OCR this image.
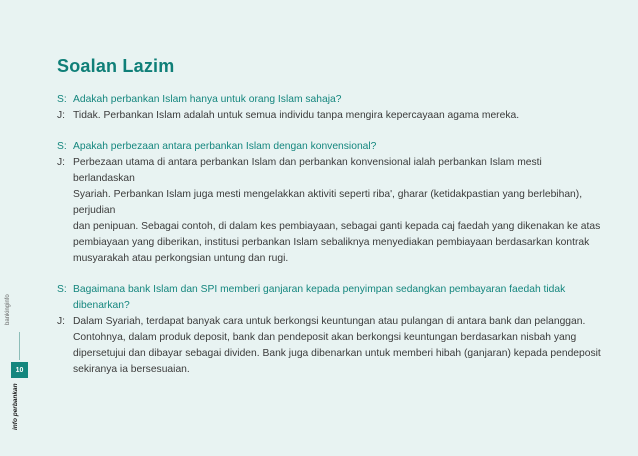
Soalan Lazim
S: Adakah perbankan Islam hanya untuk orang Islam sahaja?
J: Tidak. Perbankan Islam adalah untuk semua individu tanpa mengira kepercayaan agama mereka.
S: Apakah perbezaan antara perbankan Islam dengan konvensional?
J: Perbezaan utama di antara perbankan Islam dan perbankan konvensional ialah perbankan Islam mesti berlandaskan
Syariah. Perbankan Islam juga mesti mengelakkan aktiviti seperti riba', gharar (ketidakpastian yang berlebihan), perjudian
dan penipuan. Sebagai contoh, di dalam kes pembiayaan, sebagai ganti kepada caj faedah yang dikenakan ke atas
pembiayaan yang diberikan, institusi perbankan Islam sebaliknya menyediakan pembiayaan berdasarkan kontrak
musyarakah atau perkongsian untung dan rugi.
S: Bagaimana bank Islam dan SPI memberi ganjaran kepada penyimpan sedangkan pembayaran faedah tidak
dibenarkan?
J: Dalam Syariah, terdapat banyak cara untuk berkongsi keuntungan atau pulangan di antara bank dan pelanggan.
Contohnya, dalam produk deposit, bank dan pendeposit akan berkongsi keuntungan berdasarkan nisbah yang
dipersetujui dan dibayar sebagai dividen. Bank juga dibenarkan untuk memberi hibah (ganjaran) kepada pendeposit
sekiranya ia bersesuaian.
bankinginfo
10
info perbankan
